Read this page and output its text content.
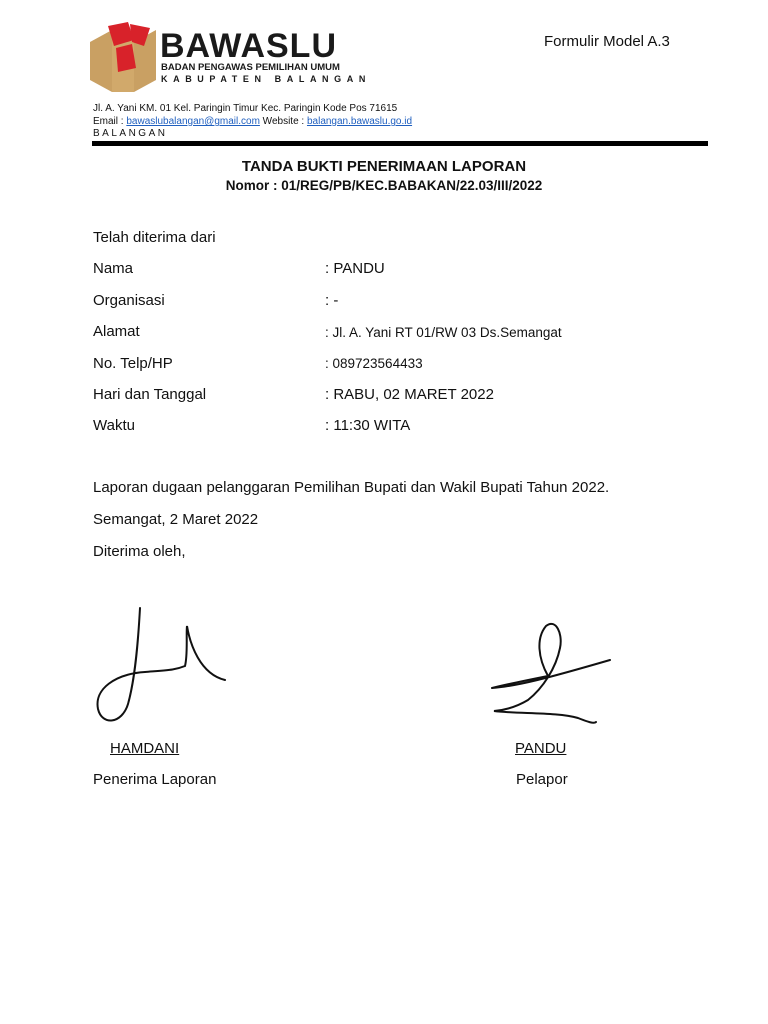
BAWASLU
BADAN PENGAWAS PEMILIHAN UMUM
KABUPATEN BALANGAN
Formulir Model A.3
Jl. A. Yani KM. 01 Kel. Paringin Timur Kec. Paringin Kode Pos 71615
Email : bawaslubalangan@gmail.com Website : balangan.bawaslu.go.id
BALANGAN
TANDA BUKTI PENERIMAAN LAPORAN
Nomor : 01/REG/PB/KEC.BABAKAN/22.03/III/2022
Telah diterima dari
Nama	: PANDU
Organisasi	: -
Alamat	: Jl. A. Yani RT 01/RW 03 Ds.Semangat
No. Telp/HP	: 089723564433
Hari dan Tanggal	: RABU, 02 MARET 2022
Waktu	: 11:30 WITA
Laporan dugaan pelanggaran Pemilihan Bupati dan Wakil Bupati Tahun 2022.
Semangat, 2 Maret 2022
Diterima oleh,
HAMDANI
Penerima Laporan
PANDU
Pelapor
